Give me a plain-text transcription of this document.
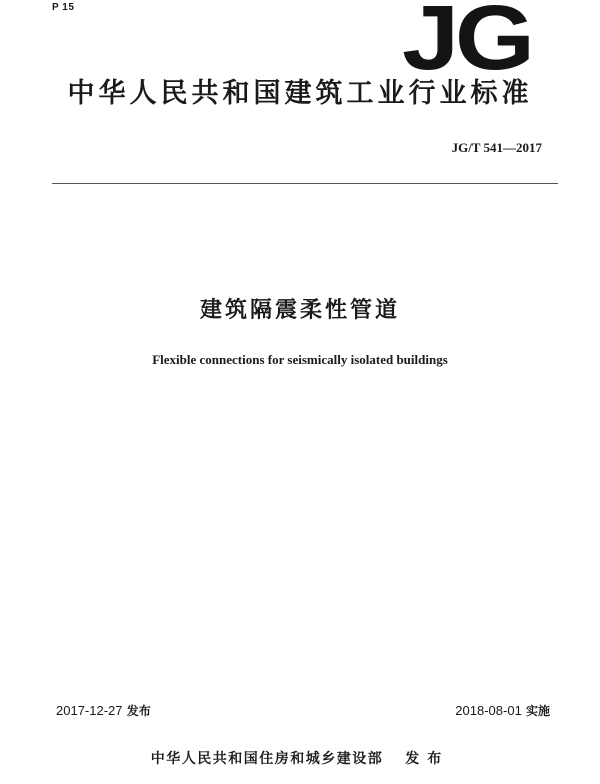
P 15	JG
中华人民共和国建筑工业行业标准
JG/T 541—2017
建筑隔震柔性管道
Flexible connections for seismically isolated buildings
2017-12-27 发布	2018-08-01 实施
中华人民共和国住房和城乡建设部 发布
